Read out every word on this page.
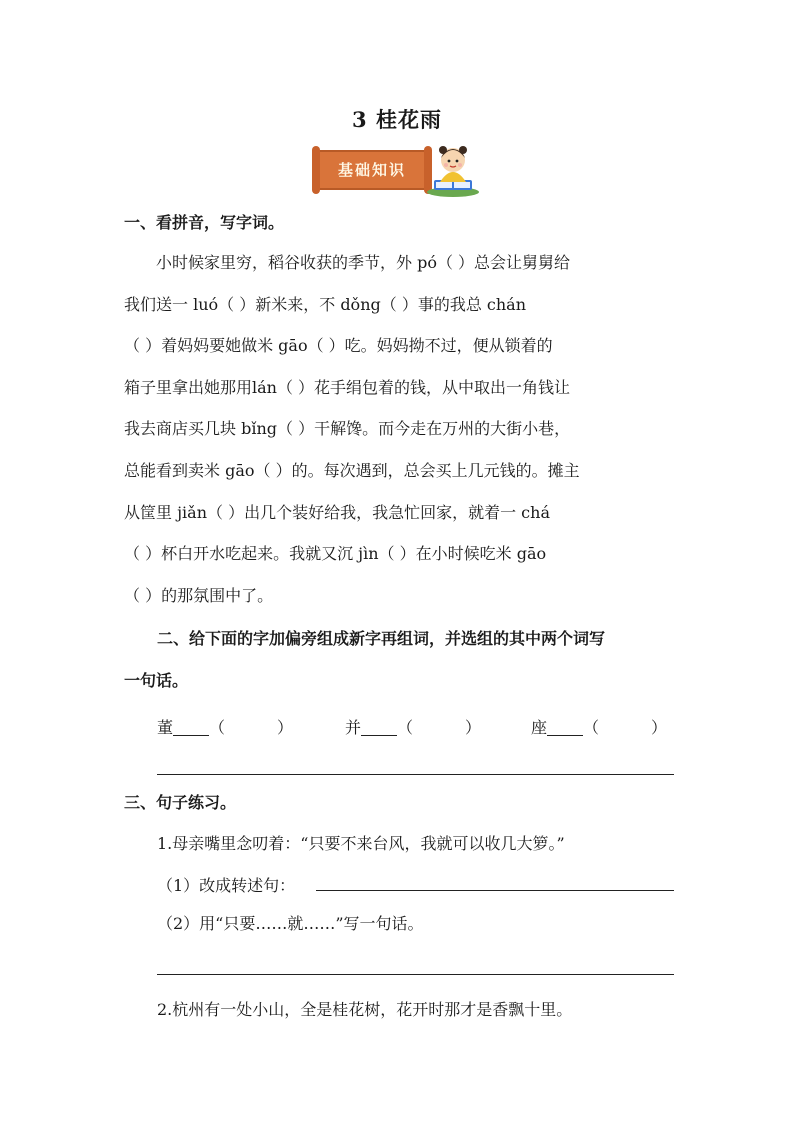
3 桂花雨
基础知识
一、看拼音，写字词。

小时候家里穷，稻谷收获的季节，外 pó（ ）总会让舅舅给

我们送一 luó（ ）新米来，不 dǒng（ ）事的我总 chán

（ ）着妈妈要她做米 gāo（ ）吃。妈妈拗不过，便从锁着的

箱子里拿出她那用lán（ ）花手绢包着的钱，从中取出一角钱让

我去商店买几块 bǐng（ ）干解馋。而今走在万州的大街小巷，

总能看到卖米 gāo（ ）的。每次遇到，总会买上几元钱的。摊主

从筐里 jiǎn（ ）出几个装好给我，我急忙回家，就着一 chá

（ ）杯白开水吃起来。我就又沉 jìn（ ）在小时候吃米 gāo

（ ）的那氛围中了。

二、给下面的字加偏旁组成新字再组词，并选组的其中两个词写
一句话。
董 （	）	并 （	）	座 （	）
三、句子练习。
1.母亲嘴里念叨着：“只要不来台风，我就可以收几大箩。”
（1）改成转述句：
（2）用“只要……就……”写一句话。
2.杭州有一处小山，全是桂花树，花开时那才是香飘十里。
